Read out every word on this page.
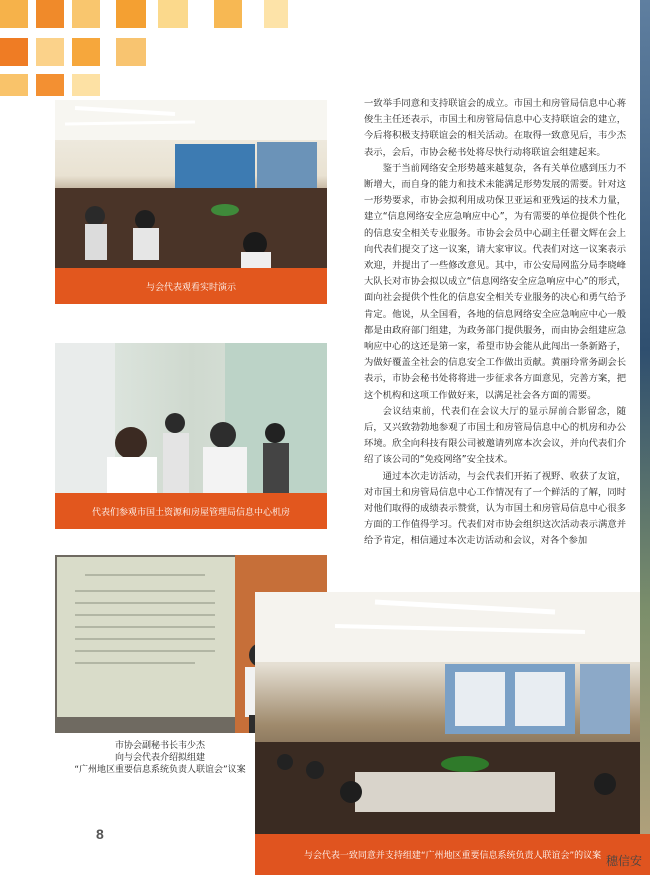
与会代表观看实时演示
代表们参观市国土资源和房屋管理局信息中心机房
市协会副秘书长韦少杰
向与会代表介绍拟组建
“广州地区重要信息系统负责人联谊会”议案
与会代表一致同意并支持组建“广州地区重要信息系统负责人联谊会”的议案

一致举手同意和支持联谊会的成立。市国土和房管局信息中心蒋俊生主任还表示，市国土和房管局信息中心支持联谊会的建立，今后将积极支持联谊会的相关活动。在取得一致意见后，韦少杰表示，会后，市协会秘书处将尽快行动将联谊会组建起来。

鉴于当前网络安全形势越来越复杂，各有关单位感到压力不断增大，而自身的能力和技术未能满足形势发展的需要。针对这一形势要求，市协会拟利用成功保卫亚运和亚残运的技术力量，建立“信息网络安全应急响应中心”，为有需要的单位提供个性化的信息安全相关专业服务。市协会会员中心副主任翟文辉在会上向代表们提交了这一议案，请大家审议。代表们对这一议案表示欢迎，并提出了一些修改意见。其中，市公安局网监分局李晓峰大队长对市协会拟以成立“信息网络安全应急响应中心”的形式，面向社会提供个性化的信息安全相关专业服务的决心和勇气给予肯定。他说，从全国看，各地的信息网络安全应急响应中心一般都是由政府部门组建，为政务部门提供服务，而由协会组建应急响应中心的这还是第一家，希望市协会能从此闯出一条新路子，为做好覆盖全社会的信息安全工作做出贡献。黄丽玲常务副会长表示，市协会秘书处将将进一步征求各方面意见，完善方案，把这个机构和这项工作做好来，以满足社会各方面的需要。

会议结束前，代表们在会议大厅的显示屏前合影留念，随后，又兴致勃勃地参观了市国土和房管局信息中心的机房和办公环境。欣全向科技有限公司被邀请列席本次会议，并向代表们介绍了该公司的“免疫网络”安全技术。

通过本次走访活动，与会代表们开拓了视野、收获了友谊，对市国土和房管局信息中心工作情况有了一个鲜活的了解，同时对他们取得的成绩表示赞赏，认为市国土和房管局信息中心很多方面的工作值得学习。代表们对市协会组织这次活动表示满意并给予肯定，相信通过本次走访活动和会议，对各个参加

8
穗信安
